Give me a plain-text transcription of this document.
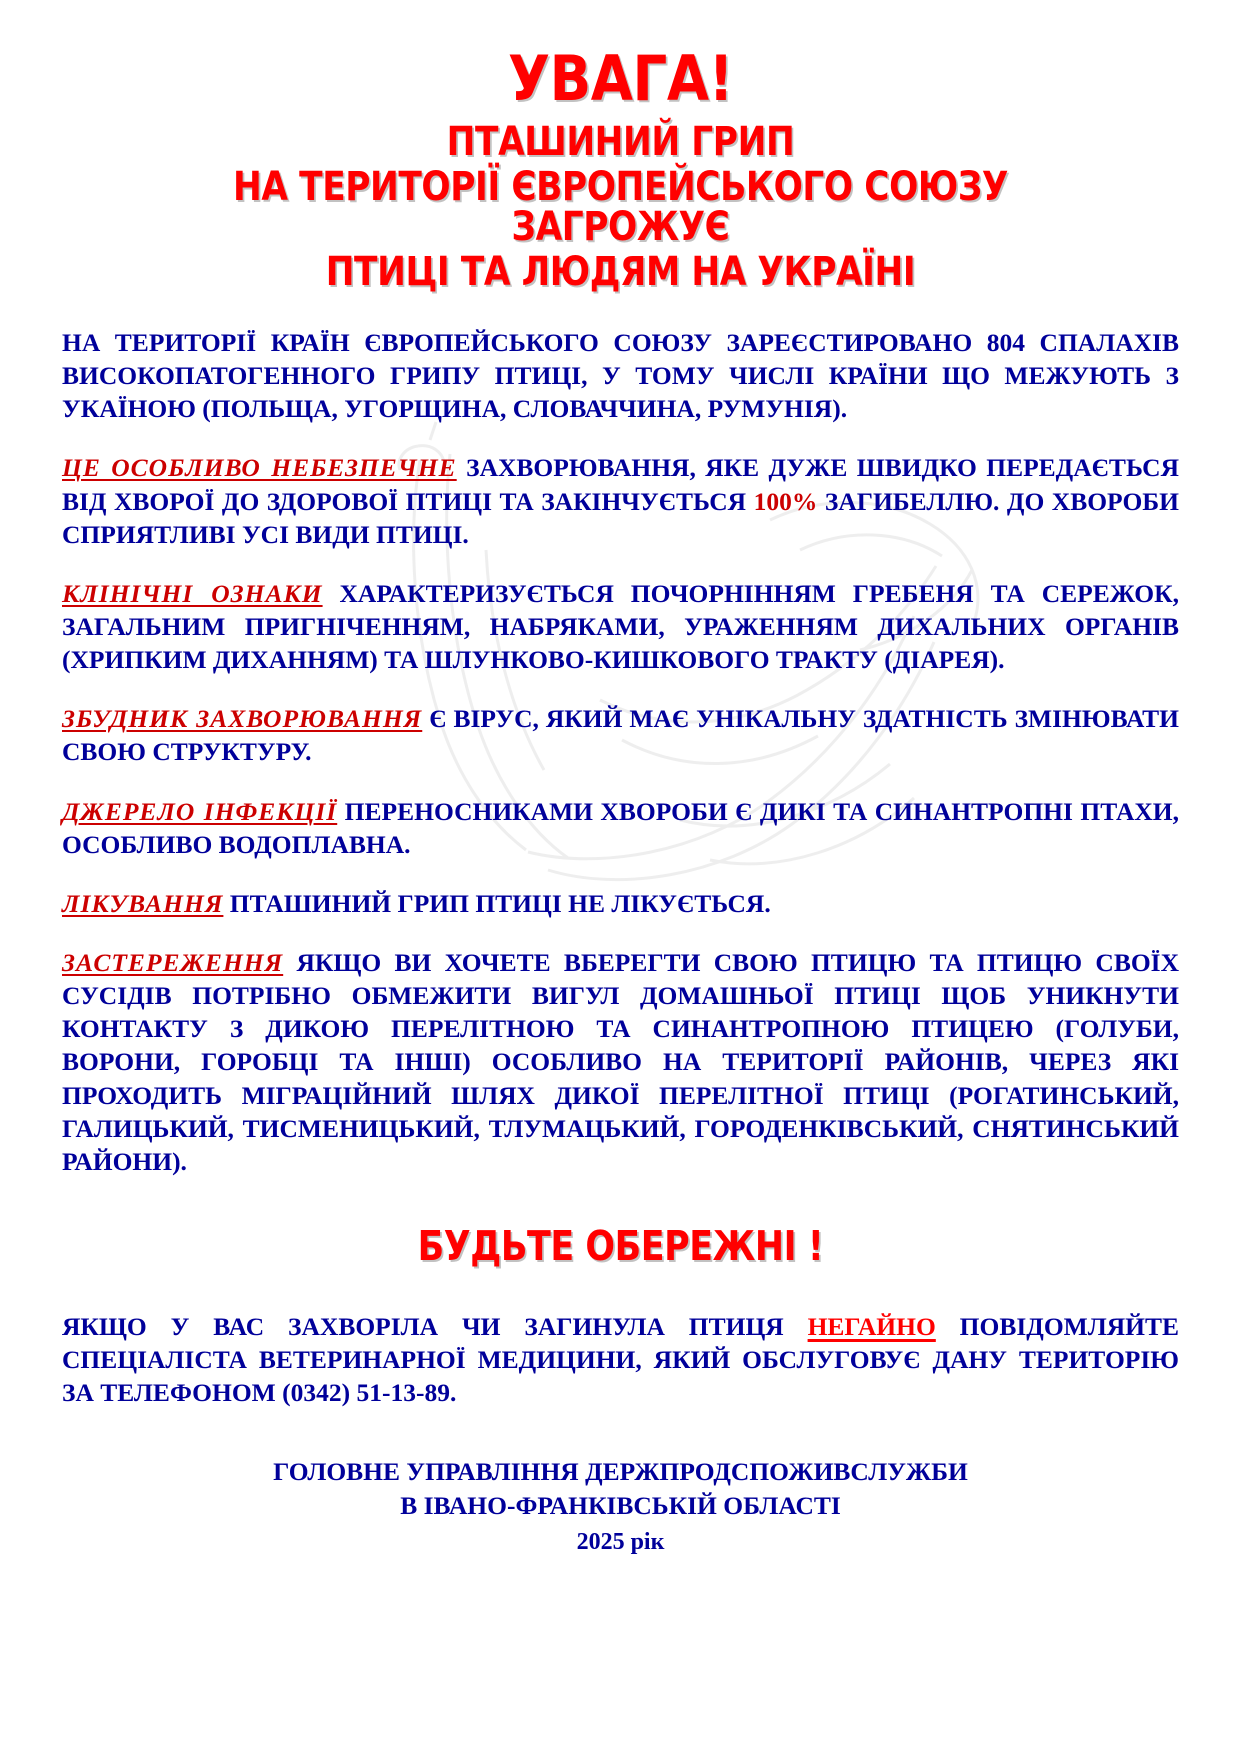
УВАГА!
ПТАШИНИЙ ГРИП
НА ТЕРИТОРІЇ ЄВРОПЕЙСЬКОГО СОЮЗУ ЗАГРОЖУЄ
ПТИЦІ ТА ЛЮДЯМ НА УКРАЇНІ

НА ТЕРИТОРІЇ КРАЇН ЄВРОПЕЙСЬКОГО СОЮЗУ ЗАРЕЄСТИРОВАНО 804 СПАЛАХІВ ВИСОКОПАТОГЕННОГО ГРИПУ ПТИЦІ, У ТОМУ ЧИСЛІ КРАЇНИ ЩО МЕЖУЮТЬ З УКАЇНОЮ (ПОЛЬЩА, УГОРЩИНА, СЛОВАЧЧИНА, РУМУНІЯ).

ЦЕ ОСОБЛИВО НЕБЕЗПЕЧНЕ ЗАХВОРЮВАННЯ, ЯКЕ ДУЖЕ ШВИДКО ПЕРЕДАЄТЬСЯ ВІД ХВОРОЇ ДО ЗДОРОВОЇ ПТИЦІ ТА ЗАКІНЧУЄТЬСЯ 100% ЗАГИБЕЛЛЮ. ДО ХВОРОБИ СПРИЯТЛИВІ УСІ ВИДИ ПТИЦІ.

КЛІНІЧНІ ОЗНАКИ ХАРАКТЕРИЗУЄТЬСЯ ПОЧОРНІННЯМ ГРЕБЕНЯ ТА СЕРЕЖОК, ЗАГАЛЬНИМ ПРИГНІЧЕННЯМ, НАБРЯКАМИ, УРАЖЕННЯМ ДИХАЛЬНИХ ОРГАНІВ (ХРИПКИМ ДИХАННЯМ) ТА ШЛУНКОВО-КИШКОВОГО ТРАКТУ (ДІАРЕЯ).

ЗБУДНИК ЗАХВОРЮВАННЯ Є ВІРУС, ЯКИЙ МАЄ УНІКАЛЬНУ ЗДАТНІСТЬ ЗМІНЮВАТИ СВОЮ СТРУКТУРУ.

ДЖЕРЕЛО ІНФЕКЦІЇ ПЕРЕНОСНИКАМИ ХВОРОБИ Є ДИКІ ТА СИНАНТРОПНІ ПТАХИ, ОСОБЛИВО ВОДОПЛАВНА.

ЛІКУВАННЯ ПТАШИНИЙ ГРИП ПТИЦІ НЕ ЛІКУЄТЬСЯ.

ЗАСТЕРЕЖЕННЯ ЯКЩО ВИ ХОЧЕТЕ ВБЕРЕГТИ СВОЮ ПТИЦЮ ТА ПТИЦЮ СВОЇХ СУСІДІВ ПОТРІБНО ОБМЕЖИТИ ВИГУЛ ДОМАШНЬОЇ ПТИЦІ ЩОБ УНИКНУТИ КОНТАКТУ З ДИКОЮ ПЕРЕЛІТНОЮ ТА СИНАНТРОПНОЮ ПТИЦЕЮ (ГОЛУБИ, ВОРОНИ, ГОРОБЦІ ТА ІНШІ) ОСОБЛИВО НА ТЕРИТОРІЇ РАЙОНІВ, ЧЕРЕЗ ЯКІ ПРОХОДИТЬ МІГРАЦІЙНИЙ ШЛЯХ ДИКОЇ ПЕРЕЛІТНОЇ ПТИЦІ (РОГАТИНСЬКИЙ, ГАЛИЦЬКИЙ, ТИСМЕНИЦЬКИЙ, ТЛУМАЦЬКИЙ, ГОРОДЕНКІВСЬКИЙ, СНЯТИНСЬКИЙ РАЙОНИ).

БУДЬТЕ ОБЕРЕЖНІ !

ЯКЩО У ВАС ЗАХВОРІЛА ЧИ ЗАГИНУЛА ПТИЦЯ НЕГАЙНО ПОВІДОМЛЯЙТЕ СПЕЦІАЛІСТА ВЕТЕРИНАРНОЇ МЕДИЦИНИ, ЯКИЙ ОБСЛУГОВУЄ ДАНУ ТЕРИТОРІЮ ЗА ТЕЛЕФОНОМ (0342) 51-13-89.

ГОЛОВНЕ УПРАВЛІННЯ ДЕРЖПРОДСПОЖИВСЛУЖБИ
В ІВАНО-ФРАНКІВСЬКІЙ ОБЛАСТІ
2025 рік
